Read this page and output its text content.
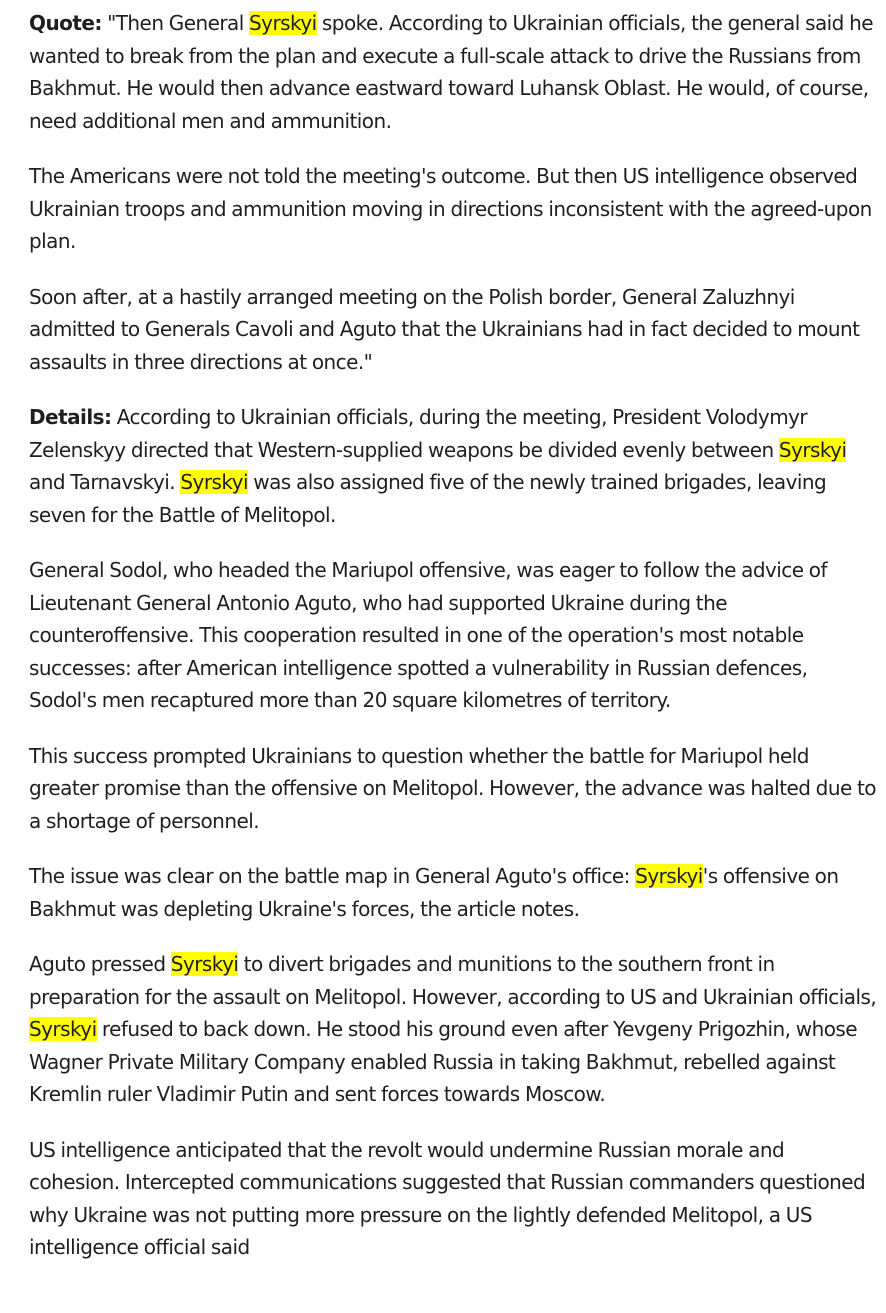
Quote: "Then General Syrskyi spoke. According to Ukrainian officials, the general said he wanted to break from the plan and execute a full-scale attack to drive the Russians from Bakhmut. He would then advance eastward toward Luhansk Oblast. He would, of course, need additional men and ammunition.

The Americans were not told the meeting's outcome. But then US intelligence observed Ukrainian troops and ammunition moving in directions inconsistent with the agreed-upon plan.

Soon after, at a hastily arranged meeting on the Polish border, General Zaluzhnyi admitted to Generals Cavoli and Aguto that the Ukrainians had in fact decided to mount assaults in three directions at once."

Details: According to Ukrainian officials, during the meeting, President Volodymyr Zelenskyy directed that Western-supplied weapons be divided evenly between Syrskyi and Tarnavskyi. Syrskyi was also assigned five of the newly trained brigades, leaving seven for the Battle of Melitopol.

General Sodol, who headed the Mariupol offensive, was eager to follow the advice of Lieutenant General Antonio Aguto, who had supported Ukraine during the counteroffensive. This cooperation resulted in one of the operation's most notable successes: after American intelligence spotted a vulnerability in Russian defences, Sodol's men recaptured more than 20 square kilometres of territory.

This success prompted Ukrainians to question whether the battle for Mariupol held greater promise than the offensive on Melitopol. However, the advance was halted due to a shortage of personnel.

The issue was clear on the battle map in General Aguto's office: Syrskyi's offensive on Bakhmut was depleting Ukraine's forces, the article notes.

Aguto pressed Syrskyi to divert brigades and munitions to the southern front in preparation for the assault on Melitopol. However, according to US and Ukrainian officials, Syrskyi refused to back down. He stood his ground even after Yevgeny Prigozhin, whose Wagner Private Military Company enabled Russia in taking Bakhmut, rebelled against Kremlin ruler Vladimir Putin and sent forces towards Moscow.

US intelligence anticipated that the revolt would undermine Russian morale and cohesion. Intercepted communications suggested that Russian commanders questioned why Ukraine was not putting more pressure on the lightly defended Melitopol, a US intelligence official said
